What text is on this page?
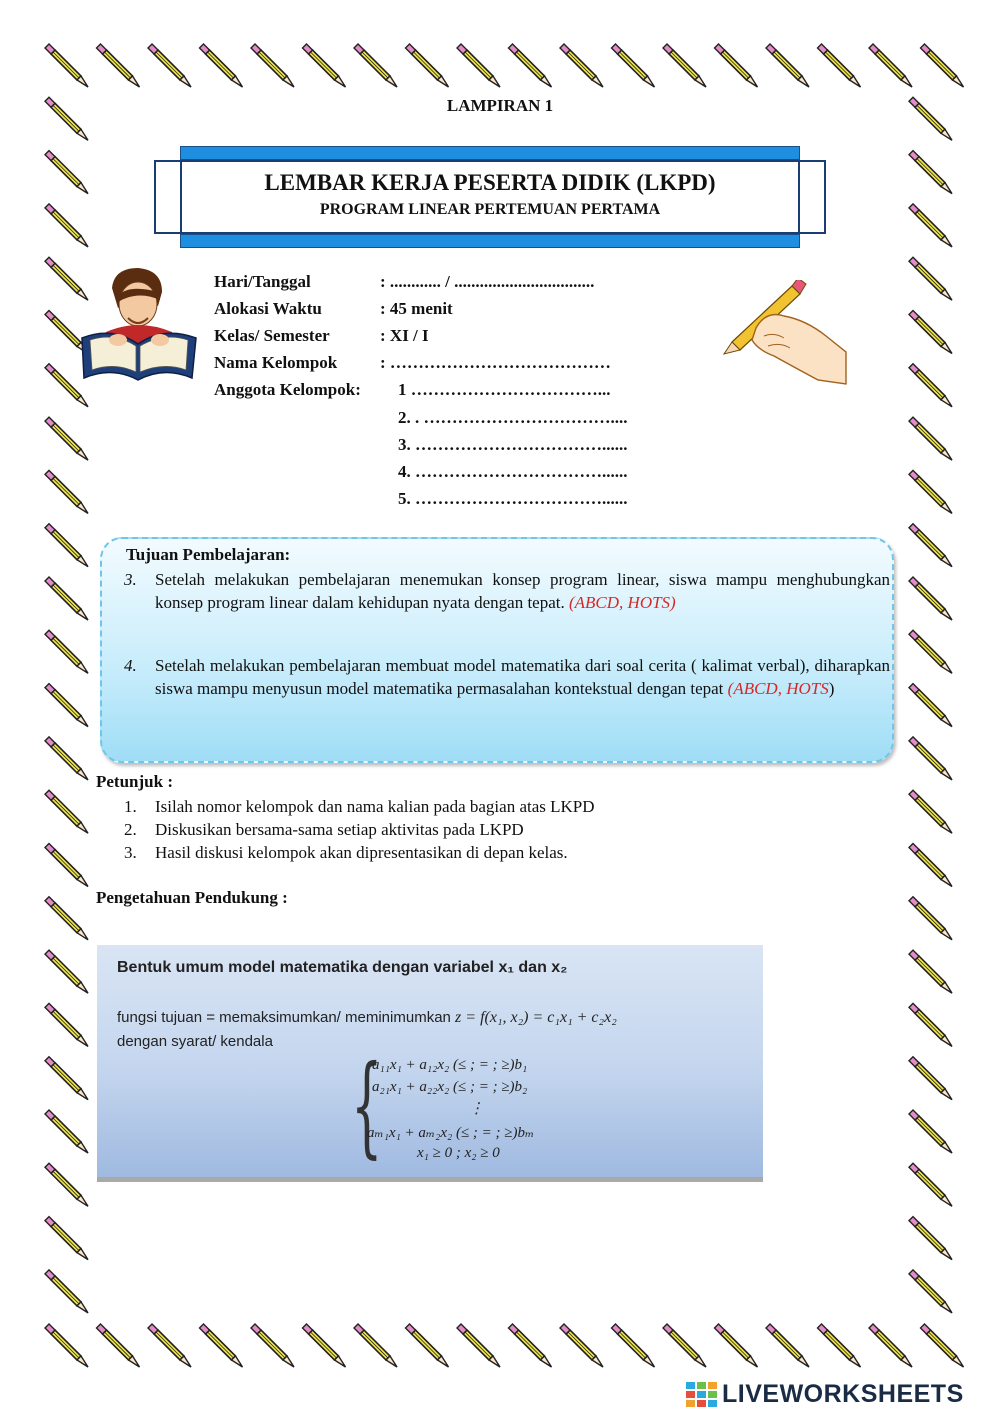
LAMPIRAN 1
LEMBAR KERJA PESERTA DIDIK (LKPD)
PROGRAM LINEAR PERTEMUAN PERTAMA
Hari/Tanggal	: ............ / .................................
Alokasi Waktu	: 45 menit
Kelas/ Semester	: XI / I
Nama Kelompok	: …………………………………
Anggota Kelompok: 1 ……………………………...
2. . ……………………………....
3. ……………………………......
4. ……………………………......
5. ……………………………......
Tujuan Pembelajaran:
3. Setelah melakukan pembelajaran menemukan konsep program linear, siswa mampu menghubungkan konsep program linear dalam kehidupan nyata dengan tepat. (ABCD, HOTS)
4. Setelah melakukan pembelajaran membuat model matematika dari soal cerita ( kalimat verbal), diharapkan siswa mampu menyusun model matematika permasalahan kontekstual dengan tepat (ABCD, HOTS)
Petunjuk :
1. Isilah nomor kelompok dan nama kalian pada bagian atas LKPD
2. Diskusikan bersama-sama setiap aktivitas pada LKPD
3. Hasil diskusi kelompok akan dipresentasikan di depan kelas.
Pengetahuan Pendukung :
Bentuk umum model matematika dengan variabel x₁ dan x₂
fungsi tujuan = memaksimumkan/ meminimumkan z = f(x₁, x₂) = c₁x₁ + c₂x₂
dengan syarat/ kendala {
a₁₁x₁ + a₁₂x₂ (≤ ; = ; ≥)b₁
a₂₁x₁ + a₂₂x₂ (≤ ; = ; ≥)b₂
⋮
aₘ₁x₁ + aₘ₂x₂ (≤ ; = ; ≥)bₘ
x₁ ≥ 0 ; x₂ ≥ 0
LIVEWORKSHEETS
